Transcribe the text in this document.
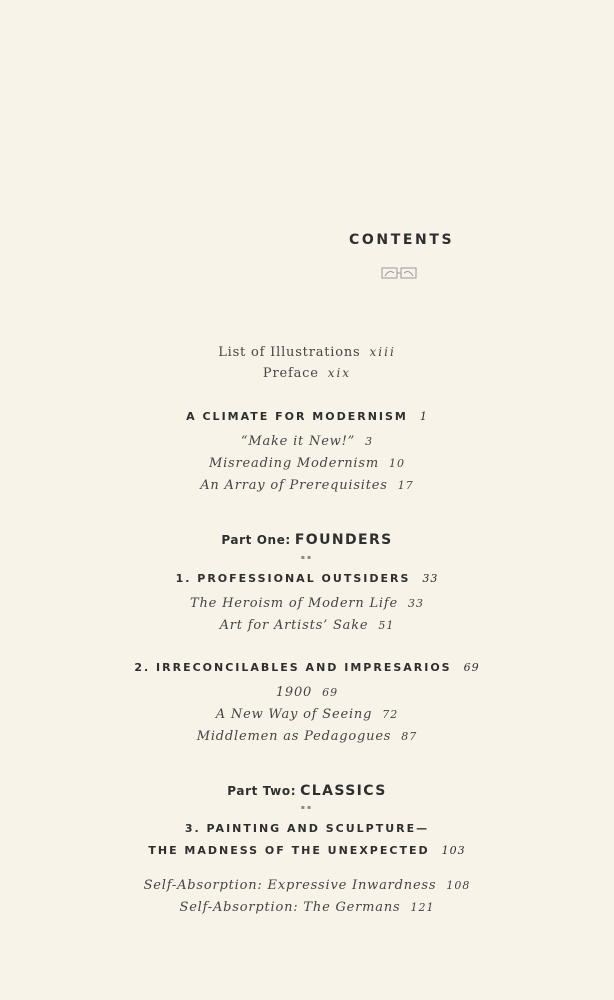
CONTENTS
List of Illustrations xiii
Preface xix
A CLIMATE FOR MODERNISM 1
“Make it New!” 3
Misreading Modernism 10
An Array of Prerequisites 17
Part One: FOUNDERS
▪▪
1. PROFESSIONAL OUTSIDERS 33
The Heroism of Modern Life 33
Art for Artists’ Sake 51
2. IRRECONCILABLES AND IMPRESARIOS 69
1900 69
A New Way of Seeing 72
Middlemen as Pedagogues 87
Part Two: CLASSICS
▪▪
3. PAINTING AND SCULPTURE—
THE MADNESS OF THE UNEXPECTED 103
Self-Absorption: Expressive Inwardness 108
Self-Absorption: The Germans 121
